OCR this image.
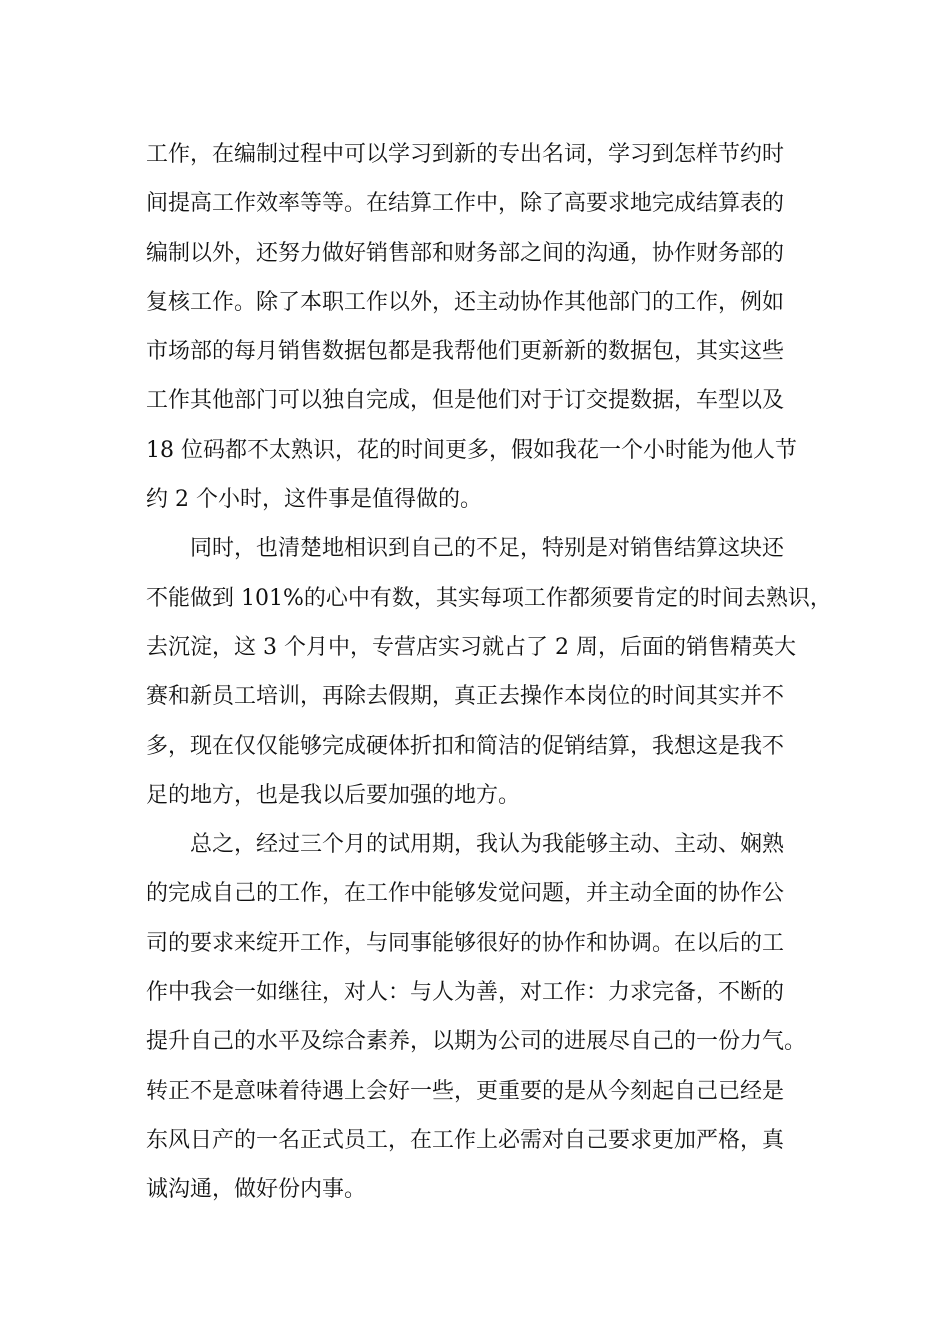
工作，在编制过程中可以学习到新的专出名词，学习到怎样节约时
间提高工作效率等等。在结算工作中，除了高要求地完成结算表的
编制以外，还努力做好销售部和财务部之间的沟通，协作财务部的
复核工作。除了本职工作以外，还主动协作其他部门的工作，例如
市场部的每月销售数据包都是我帮他们更新新的数据包，其实这些
工作其他部门可以独自完成，但是他们对于订交提数据，车型以及
18 位码都不太熟识，花的时间更多，假如我花一个小时能为他人节
约 2 个小时，这件事是值得做的。
同时，也清楚地相识到自己的不足，特别是对销售结算这块还
不能做到 101%的心中有数，其实每项工作都须要肯定的时间去熟识，
去沉淀，这 3 个月中，专营店实习就占了 2 周，后面的销售精英大
赛和新员工培训，再除去假期，真正去操作本岗位的时间其实并不
多，现在仅仅能够完成硬体折扣和简洁的促销结算，我想这是我不
足的地方，也是我以后要加强的地方。
总之，经过三个月的试用期，我认为我能够主动、主动、娴熟
的完成自己的工作，在工作中能够发觉问题，并主动全面的协作公
司的要求来绽开工作，与同事能够很好的协作和协调。在以后的工
作中我会一如继往，对人：与人为善，对工作：力求完备，不断的
提升自己的水平及综合素养，以期为公司的进展尽自己的一份力气。
转正不是意味着待遇上会好一些，更重要的是从今刻起自己已经是
东风日产的一名正式员工，在工作上必需对自己要求更加严格，真
诚沟通，做好份内事。
